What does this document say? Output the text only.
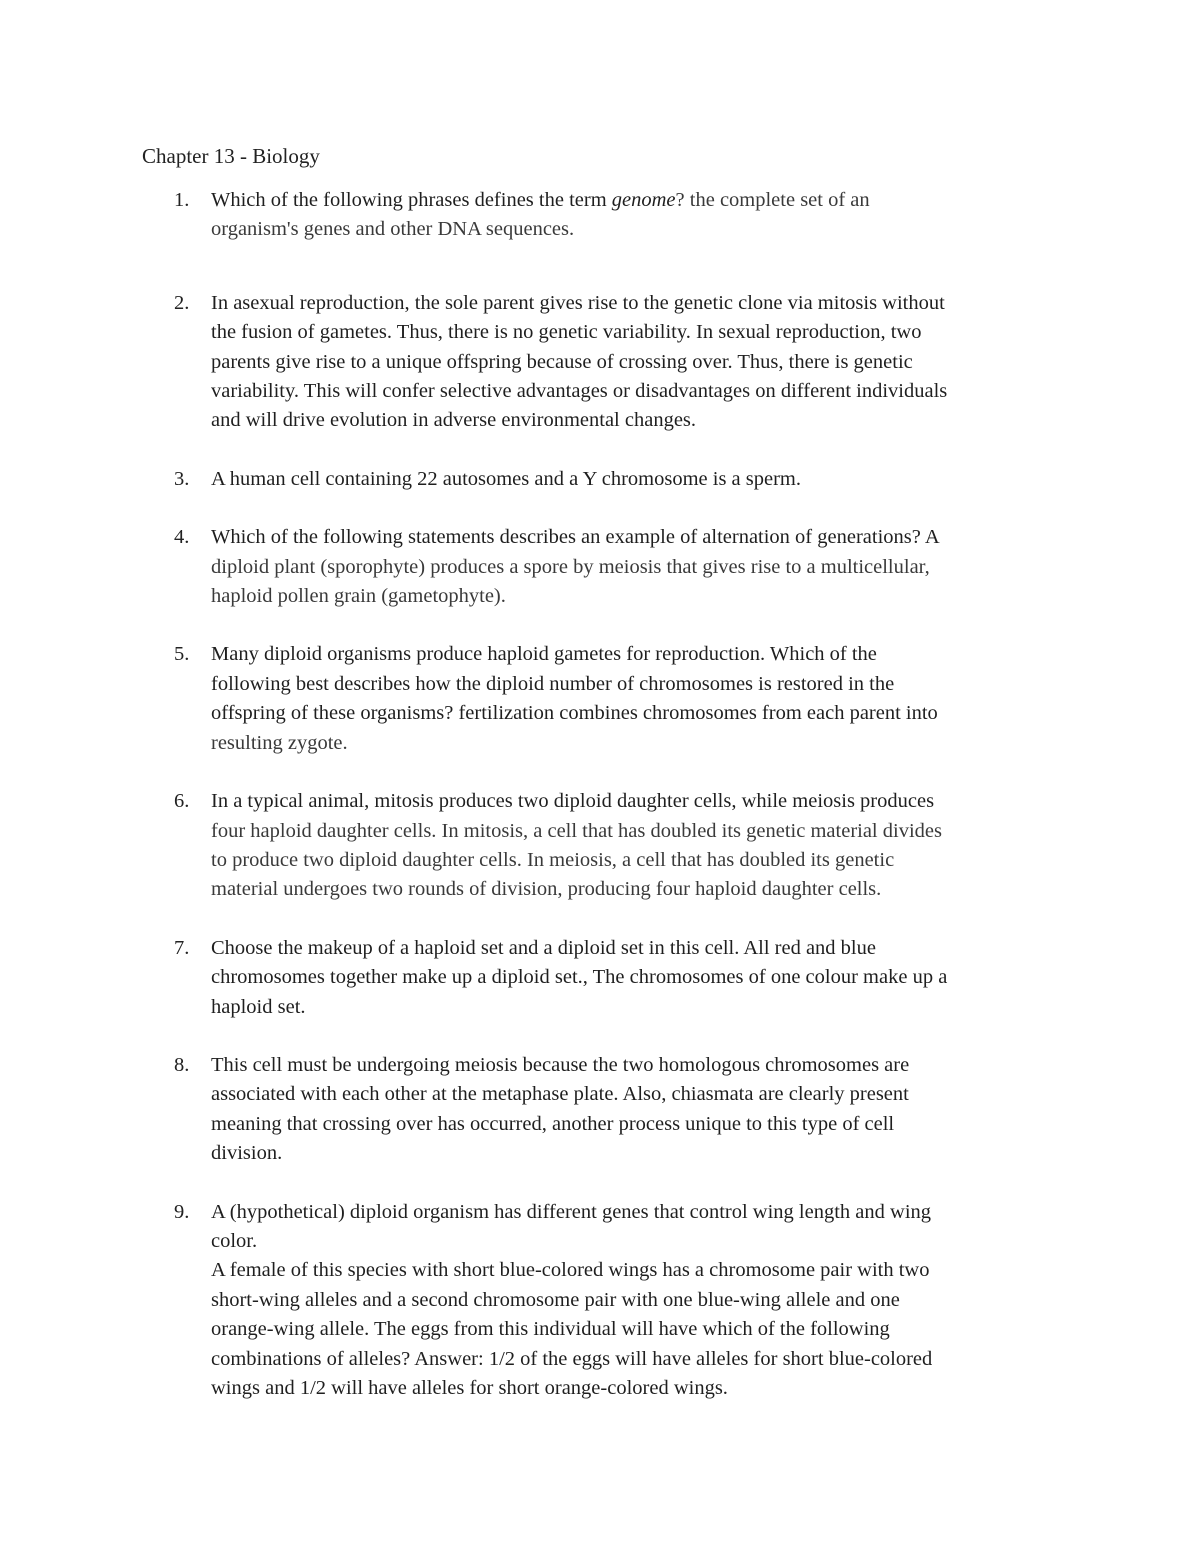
Chapter 13 - Biology
1.	Which of the following phrases defines the term genome? the complete set of an
organism's genes and other DNA sequences.
2.	In asexual reproduction, the sole parent gives rise to the genetic clone via mitosis without
the fusion of gametes. Thus, there is no genetic variability. In sexual reproduction, two
parents give rise to a unique offspring because of crossing over. Thus, there is genetic
variability. This will confer selective advantages or disadvantages on different individuals
and will drive evolution in adverse environmental changes.
3.	A human cell containing 22 autosomes and a Y chromosome is a sperm.
4.	Which of the following statements describes an example of alternation of generations? A
diploid plant (sporophyte) produces a spore by meiosis that gives rise to a multicellular,
haploid pollen grain (gametophyte).
5.	Many diploid organisms produce haploid gametes for reproduction. Which of the
following best describes how the diploid number of chromosomes is restored in the
offspring of these organisms? fertilization combines chromosomes from each parent into
resulting zygote.
6.	In a typical animal, mitosis produces two diploid daughter cells, while meiosis produces
four haploid daughter cells. In mitosis, a cell that has doubled its genetic material divides
to produce two diploid daughter cells. In meiosis, a cell that has doubled its genetic
material undergoes two rounds of division, producing four haploid daughter cells.
7.	Choose the makeup of a haploid set and a diploid set in this cell. All red and blue
chromosomes together make up a diploid set., The chromosomes of one colour make up a
haploid set.
8.	This cell must be undergoing meiosis because the two homologous chromosomes are
associated with each other at the metaphase plate. Also, chiasmata are clearly present
meaning that crossing over has occurred, another process unique to this type of cell
division.
9.	A (hypothetical) diploid organism has different genes that control wing length and wing
color.
A female of this species with short blue-colored wings has a chromosome pair with two
short-wing alleles and a second chromosome pair with one blue-wing allele and one
orange-wing allele. The eggs from this individual will have which of the following
combinations of alleles? Answer: 1/2 of the eggs will have alleles for short blue-colored
wings and 1/2 will have alleles for short orange-colored wings.
